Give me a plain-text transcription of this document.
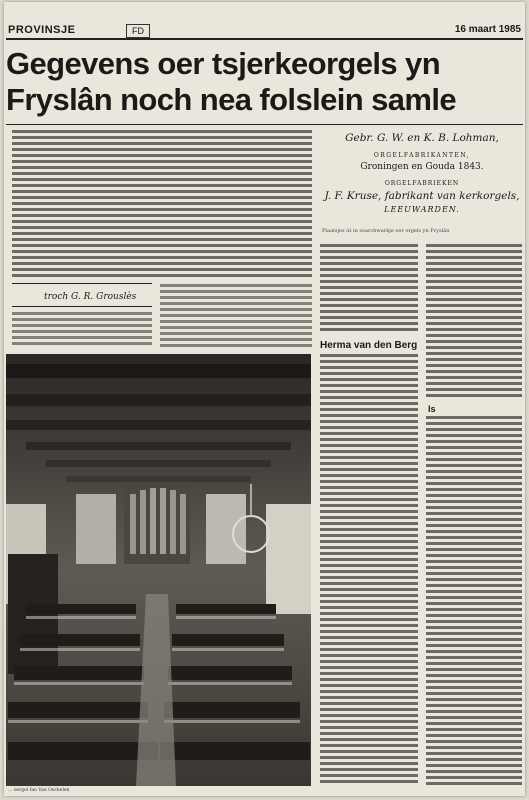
PROVINSJE	FD	16 maart 1985
Gegevens oer tsjerkeorgels yn
Fryslân noch nea folslein samle
troch G. R. Grouslès
Gebr. G. W. en K. B. Lohman,
ORGELFABRIKANTEN,
Groningen en Gouda 1843.
ORGELFABRIEKEN
J. F. Kruse, fabrikant van kerkorgels,
LEEUWARDEN.
Plaatsjes út in soarchwurkje oer orgels yn Fryslân
Herma van den Berg
Is
... oergel fan Van Oeckelen
